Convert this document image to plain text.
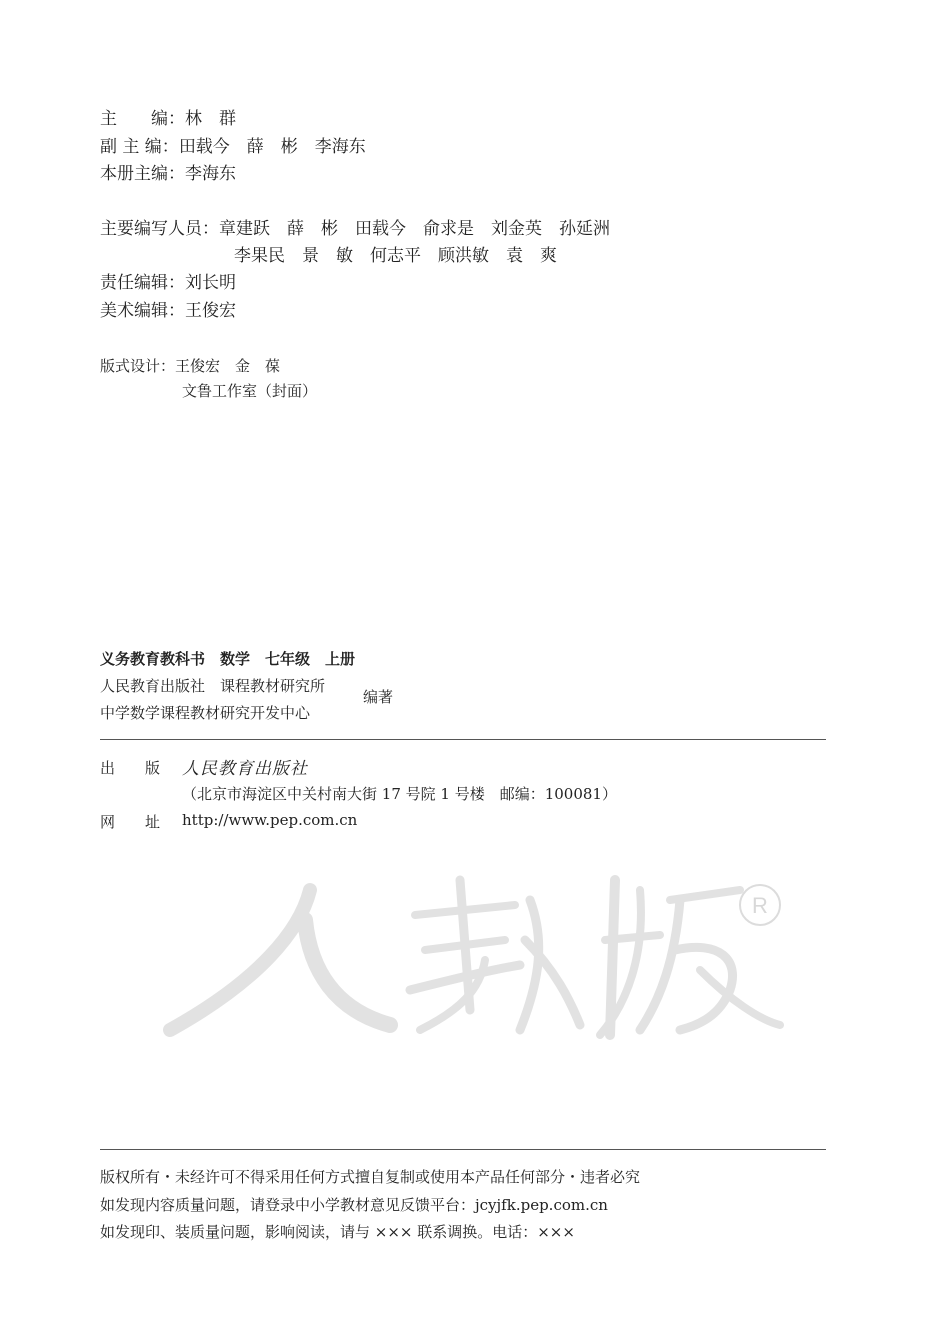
主　　编：林　群
副 主 编：田载今　薛　彬　李海东
本册主编：李海东
主要编写人员：章建跃　薛　彬　田载今　俞求是　刘金英　孙延洲
李果民　景　敏　何志平　顾洪敏　袁　爽
责任编辑：刘长明
美术编辑：王俊宏
版式设计：王俊宏　金　葆
文鲁工作室（封面）
义务教育教科书　数学　七年级　上册
人民教育出版社　课程教材研究所
中学数学课程教材研究开发中心
编著
出　　版 人民教育出版社
（北京市海淀区中关村南大街 17 号院 1 号楼　邮编：100081）
网　　址 http://www.pep.com.cn
R
版权所有・未经许可不得采用任何方式擅自复制或使用本产品任何部分・违者必究
如发现内容质量问题，请登录中小学教材意见反馈平台：jcyjfk.pep.com.cn
如发现印、装质量问题，影响阅读，请与 ××× 联系调换。电话：×××
